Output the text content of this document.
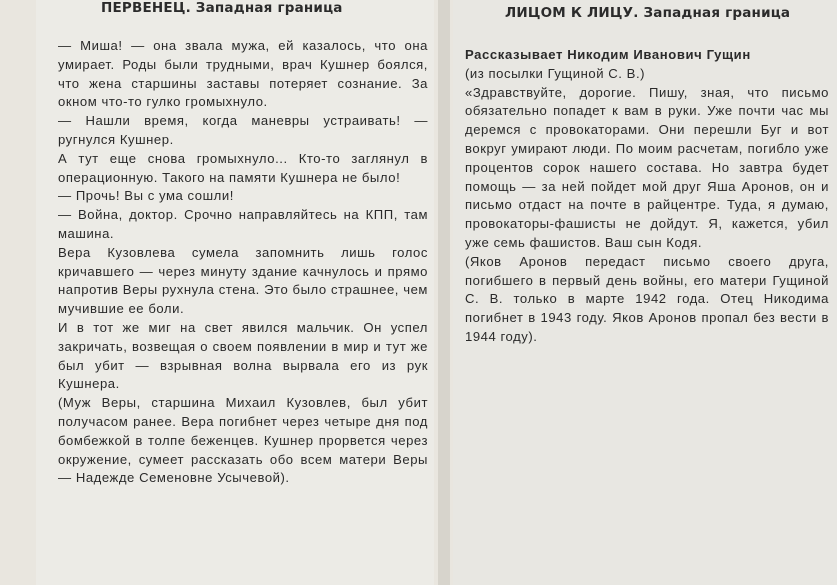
ПЕРВЕНЕЦ. Западная граница

— Миша! — она звала мужа, ей казалось, что она умирает. Роды были трудными, врач Кушнер боялся, что жена старшины заставы потеряет сознание. За окном что-то гулко громыхнуло.

— Нашли время, когда маневры устраивать! — ругнулся Кушнер.

А тут еще снова громыхнуло... Кто-то заглянул в операционную. Такого на памяти Кушнера не было!

— Прочь! Вы с ума сошли!

— Война, доктор. Срочно направляйтесь на КПП, там машина.

Вера Кузовлева сумела запомнить лишь голос кричавшего — через минуту здание качнулось и прямо напротив Веры рухнула стена. Это было страшнее, чем мучившие ее боли.

И в тот же миг на свет явился мальчик. Он успел закричать, возвещая о своем появлении в мир и тут же был убит — взрывная волна вырвала его из рук Кушнера.

(Муж Веры, старшина Михаил Кузовлев, был убит получасом ранее. Вера погибнет через четыре дня под бомбежкой в толпе беженцев. Кушнер прорвется через окружение, сумеет рассказать обо всем матери Веры — Надежде Семеновне Усычевой).

ЛИЦОМ К ЛИЦУ. Западная граница

Рассказывает Никодим Иванович Гущин

(из посылки Гущиной С. В.)

«Здравствуйте, дорогие. Пишу, зная, что письмо обязательно попадет к вам в руки. Уже почти час мы деремся с провокаторами. Они перешли Буг и вот вокруг умирают люди. По моим расчетам, погибло уже процентов сорок нашего состава. Но завтра будет помощь — за ней пойдет мой друг Яша Аронов, он и письмо отдаст на почте в райцентре. Туда, я думаю, провокаторы-фашисты не дойдут. Я, кажется, убил уже семь фашистов. Ваш сын Кодя.

(Яков Аронов передаст письмо своего друга, погибшего в первый день войны, его матери Гущиной С. В. только в марте 1942 года. Отец Никодима погибнет в 1943 году. Яков Аронов пропал без вести в 1944 году).
